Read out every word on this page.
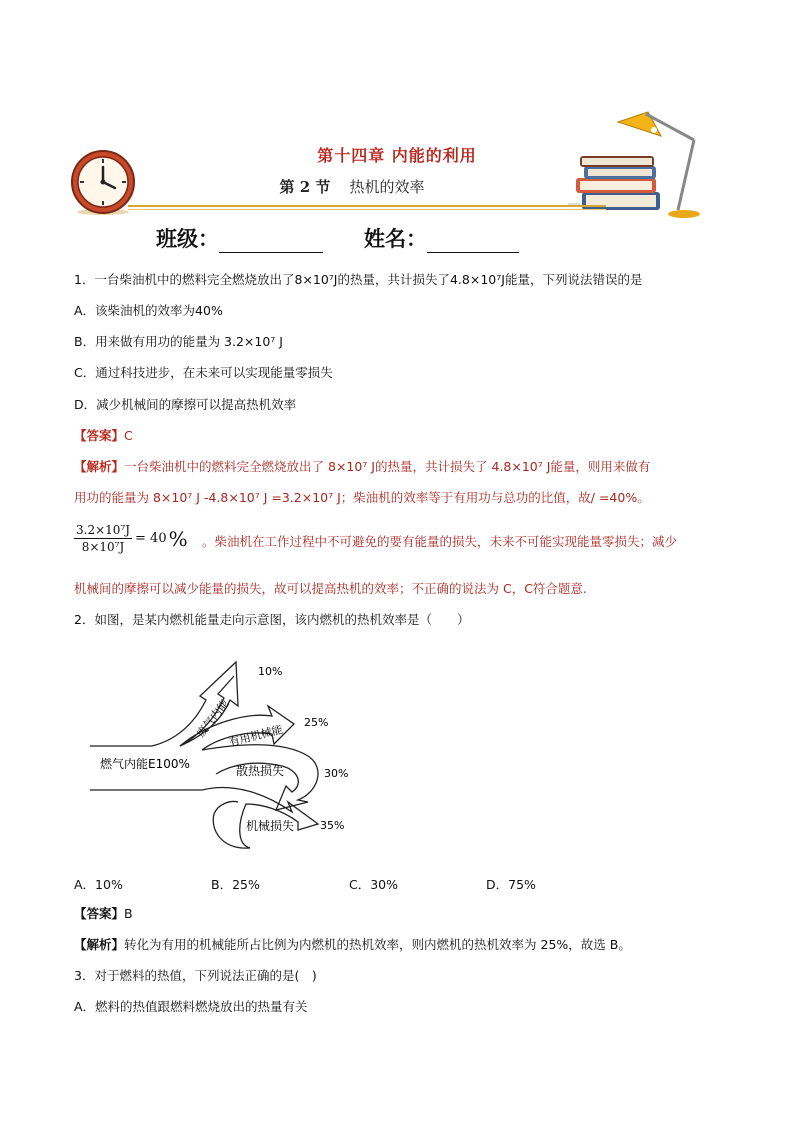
第十四章 内能的利用
第 2 节 热机的效率
班级：	姓名：
1．一台柴油机中的燃料完全燃烧放出了8×10⁷J的热量，共计损失了4.8×10⁷J能量，下列说法错误的是
A．该柴油机的效率为40%
B．用来做有用功的能量为 3.2×10⁷ J
C．通过科技进步，在未来可以实现能量零损失
D．减少机械间的摩擦可以提高热机效率
【答案】C
【解析】一台柴油机中的燃料完全燃烧放出了 8×10⁷ J的热量，共计损失了 4.8×10⁷ J能量，则用来做有
用功的能量为 8×10⁷ J -4.8×10⁷ J =3.2×10⁷ J；柴油机的效率等于有用功与总功的比值，故/ =40%。
$\frac{\text{3.2×10⁷J}}{\text{8×10⁷J}} = 40$ % 。柴油机在工作过程中不可避免的要有能量的损失，未来不可能实现能量零损失；减少
机械间的摩擦可以减少能量的损失，故可以提高热机的效率；不正确的说法为 C，C符合题意.
2．如图，是某内燃机能量走向示意图，该内燃机的热机效率是（　　）
燃气内能E100%
废气内能
有用机械能
散热损失
机械损失
10%
25%
30%
35%
A．10%	B．25%	C．30%	D．75%
【答案】B
【解析】转化为有用的机械能所占比例为内燃机的热机效率，则内燃机的热机效率为 25%，故选 B。
3．对于燃料的热值，下列说法正确的是(　)
A．燃料的热值跟燃料燃烧放出的热量有关
